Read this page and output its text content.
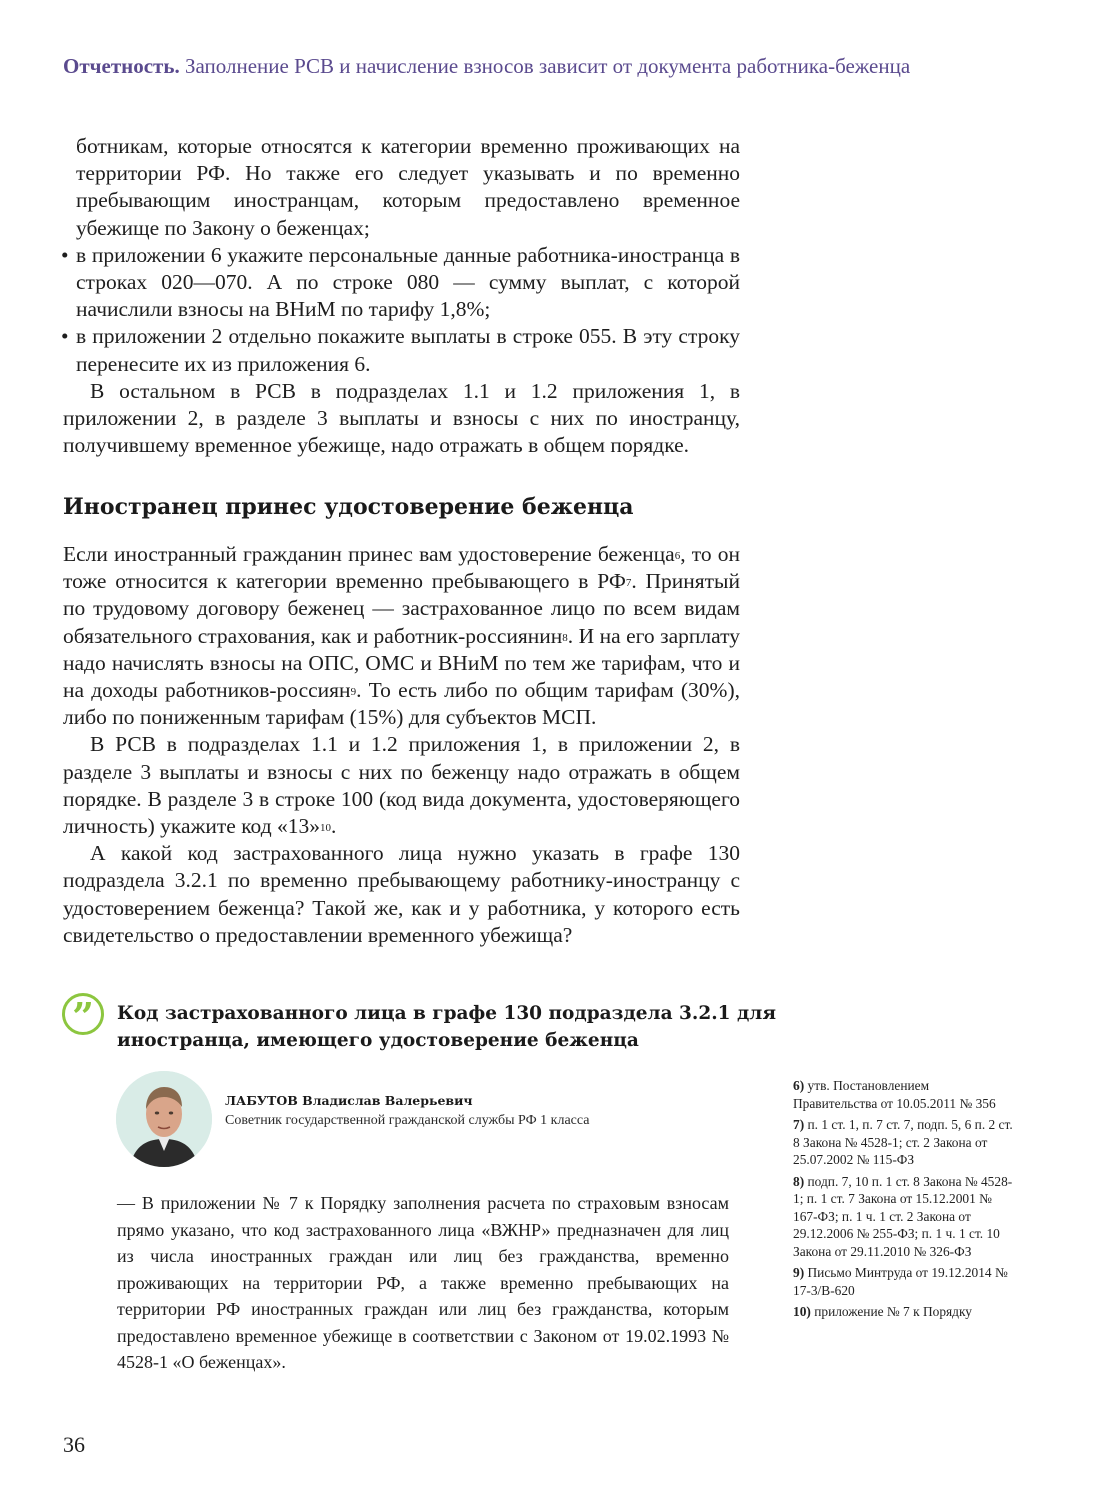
Отчетность. Заполнение РСВ и начисление взносов зависит от документа работника-беженца
ботникам, которые относятся к категории временно проживающих на территории РФ. Но также его следует указывать и по временно пребывающим иностранцам, которым предоставлено временное убежище по Закону о беженцах;
• в приложении 6 укажите персональные данные работника-иностранца в строках 020—070. А по строке 080 — сумму выплат, с которой начислили взносы на ВНиМ по тарифу 1,8%;
• в приложении 2 отдельно покажите выплаты в строке 055. В эту строку перенесите их из приложения 6.
В остальном в РСВ в подразделах 1.1 и 1.2 приложения 1, в приложении 2, в разделе 3 выплаты и взносы с них по иностранцу, получившему временное убежище, надо отражать в общем порядке.
Иностранец принес удостоверение беженца
Если иностранный гражданин принес вам удостоверение беженца$^6$, то он тоже относится к категории временно пребывающего в $РФ^7$. Принятый по трудовому договору беженец — застрахованное лицо по всем видам обязательного страхования, как и работник-россиянин$^8$. И на его зарплату надо начислять взносы на ОПС, ОМС и ВНиМ по тем же тарифам, что и на доходы работников-россиян$^9$. То есть либо по общим тарифам (30%), либо по пониженным тарифам (15%) для субъектов МСП.
В РСВ в подразделах 1.1 и 1.2 приложения 1, в приложении 2, в разделе 3 выплаты и взносы с них по беженцу надо отражать в общем порядке. В разделе 3 в строке 100 (код вида документа, удостоверяющего личность) укажите код «13»$^{10}$.
А какой код застрахованного лица нужно указать в графе 130 подраздела 3.2.1 по временно пребывающему работнику-иностранцу с удостоверением беженца? Такой же, как и у работника, у которого есть свидетельство о предоставлении временного убежища?
”	Код застрахованного лица в графе 130 подраздела 3.2.1 для иностранца, имеющего удостоверение беженца
ЛАБУТОВ Владислав Валерьевич
Советник государственной гражданской службы РФ 1 класса
— В приложении № 7 к Порядку заполнения расчета по страховым взносам прямо указано, что код застрахованного лица «ВЖНР» предназначен для лиц из числа иностранных граждан или лиц без гражданства, временно проживающих на территории РФ, а также временно пребывающих на территории РФ иностранных граждан или лиц без гражданства, которым предоставлено временное убежище в соответствии с Законом от 19.02.1993 № 4528-1 «О беженцах».
6) утв. Постановлением Правительства от 10.05.2011 № 356
7) п. 1 ст. 1, п. 7 ст. 7, подп. 5, 6 п. 2 ст. 8 Закона № 4528-1; ст. 2 Закона от 25.07.2002 № 115-ФЗ
8) подп. 7, 10 п. 1 ст. 8 Закона № 4528-1; п. 1 ст. 7 Закона от 15.12.2001 № 167-ФЗ; п. 1 ч. 1 ст. 2 Закона от 29.12.2006 № 255-ФЗ; п. 1 ч. 1 ст. 10 Закона от 29.11.2010 № 326-ФЗ
9) Письмо Минтруда от 19.12.2014 № 17-3/В-620
10) приложение № 7 к Порядку
36
